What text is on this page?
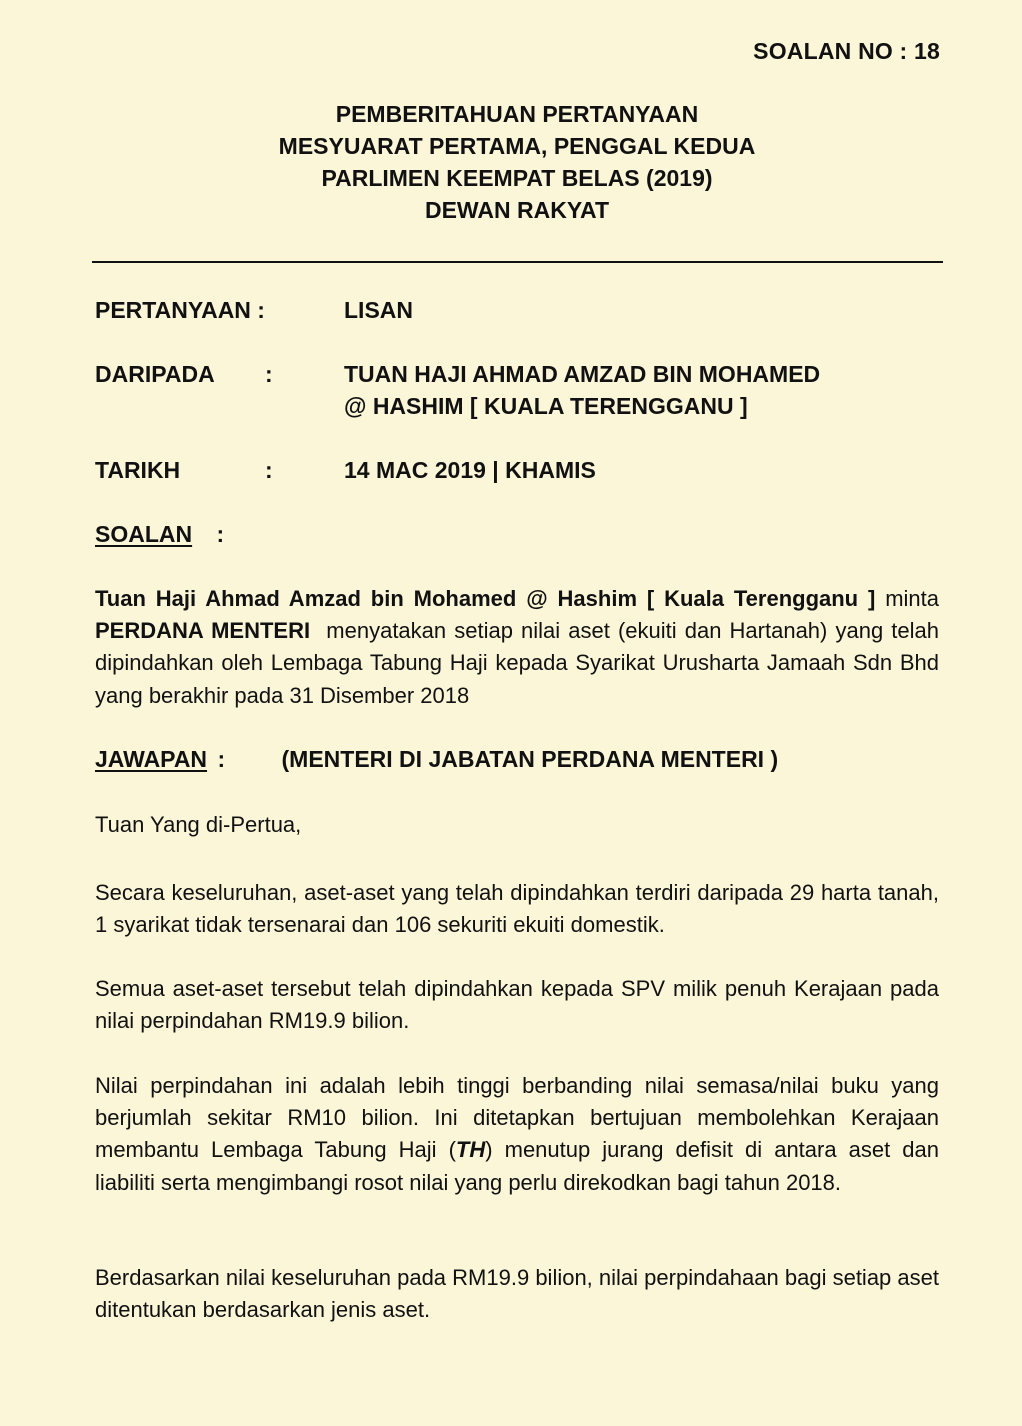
SOALAN NO : 18
PEMBERITAHUAN PERTANYAAN
MESYUARAT PERTAMA, PENGGAL KEDUA
PARLIMEN KEEMPAT BELAS (2019)
DEWAN RAKYAT
PERTANYAAN :	LISAN
DARIPADA :	TUAN HAJI AHMAD AMZAD BIN MOHAMED
@ HASHIM [ KUALA TERENGGANU ]
TARIKH	:	14 MAC 2019 | KHAMIS
SOALAN :
Tuan Haji Ahmad Amzad bin Mohamed @ Hashim [ Kuala Terengganu ] minta PERDANA MENTERI menyatakan setiap nilai aset (ekuiti dan Hartanah) yang telah dipindahkan oleh Lembaga Tabung Haji kepada Syarikat Urusharta Jamaah Sdn Bhd yang berakhir pada 31 Disember 2018
JAWAPAN : (MENTERI DI JABATAN PERDANA MENTERI )
Tuan Yang di-Pertua,
Secara keseluruhan, aset-aset yang telah dipindahkan terdiri daripada 29 harta tanah, 1 syarikat tidak tersenarai dan 106 sekuriti ekuiti domestik.
Semua aset-aset tersebut telah dipindahkan kepada SPV milik penuh Kerajaan pada nilai perpindahan RM19.9 bilion.
Nilai perpindahan ini adalah lebih tinggi berbanding nilai semasa/nilai buku yang berjumlah sekitar RM10 bilion. Ini ditetapkan bertujuan membolehkan Kerajaan membantu Lembaga Tabung Haji (TH) menutup jurang defisit di antara aset dan liabiliti serta mengimbangi rosot nilai yang perlu direkodkan bagi tahun 2018.
Berdasarkan nilai keseluruhan pada RM19.9 bilion, nilai perpindahaan bagi setiap aset ditentukan berdasarkan jenis aset.
